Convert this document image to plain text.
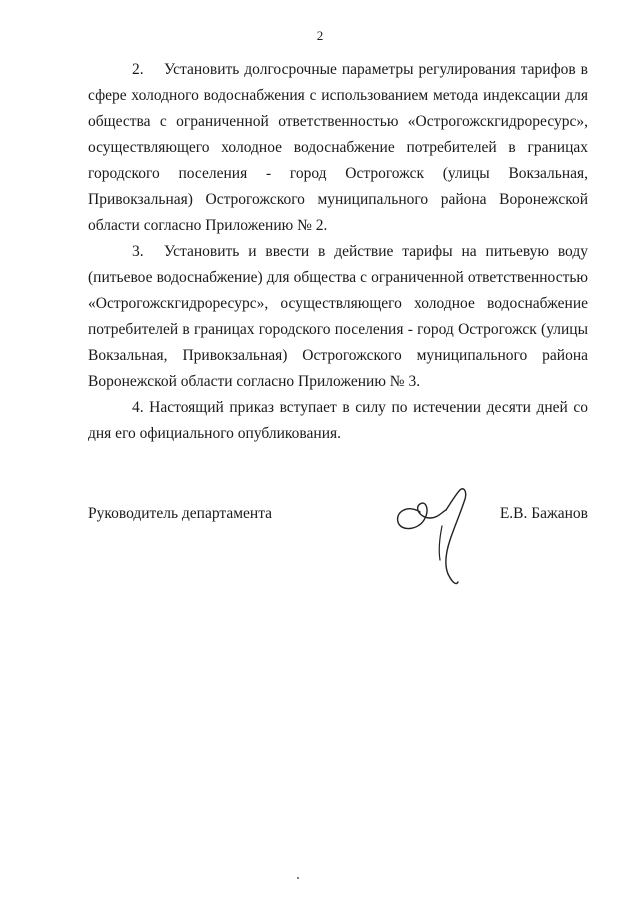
2

2. Установить долгосрочные параметры регулирования тарифов в сфере холодного водоснабжения с использованием метода индексации для общества с ограниченной ответственностью «Острогожскгидроресурс», осуществляющего холодное водоснабжение потребителей в границах городского поселения - город Острогожск (улицы Вокзальная, Привокзальная) Острогожского муниципального района Воронежской области согласно Приложению № 2.

3. Установить и ввести в действие тарифы на питьевую воду (питьевое водоснабжение) для общества с ограниченной ответственностью «Острогожскгидроресурс», осуществляющего холодное водоснабжение потребителей в границах городского поселения - город Острогожск (улицы Вокзальная, Привокзальная) Острогожского муниципального района Воронежской области согласно Приложению № 3.

4. Настоящий приказ вступает в силу по истечении десяти дней со дня его официального опубликования.

Руководитель департамента	Е.В. Бажанов
